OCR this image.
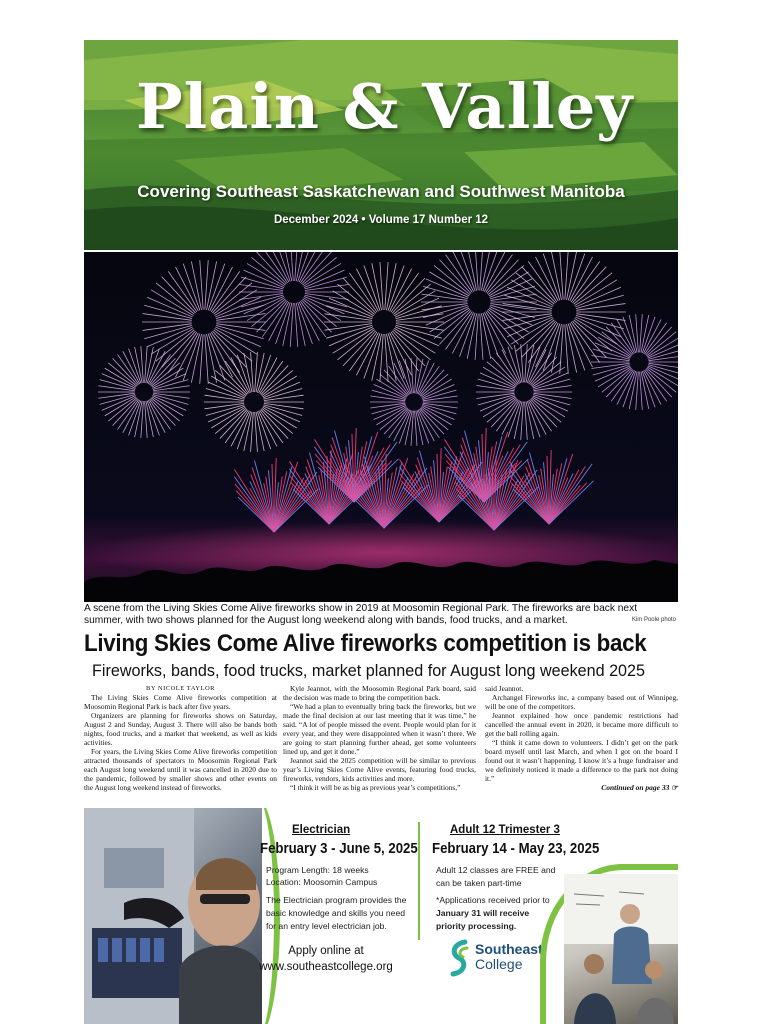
Plain & Valley
Covering Southeast Saskatchewan and Southwest Manitoba
December 2024 • Volume 17 Number 12
A scene from the Living Skies Come Alive fireworks show in 2019 at Moosomin Regional Park. The fireworks are back next summer, with two shows planned for the August long weekend along with bands, food trucks, and a market.	Kim Poole photo
Living Skies Come Alive fireworks competition is back
Fireworks, bands, food trucks, market planned for August long weekend 2025

BY NICOLE TAYLOR

The Living Skies Come Alive fireworks competition at Moosomin Regional Park is back after five years.

Organizers are planning for fireworks shows on Saturday, August 2 and Sunday, August 3. There will also be bands both nights, food trucks, and a market that weekend, as well as kids activities.

For years, the Living Skies Come Alive fireworks competition attracted thousands of spectators to Moosomin Regional Park each August long weekend until it was cancelled in 2020 due to the pandemic, followed by smaller shows and other events on the August long weekend instead of fireworks.

Kyle Jeannot, with the Moosomin Regional Park board, said the decision was made to bring the competition back.

“We had a plan to eventually bring back the fireworks, but we made the final decision at our last meeting that it was time,” he said. “A lot of people missed the event. People would plan for it every year, and they were disappointed when it wasn’t there. We are going to start planning further ahead, get some volunteers lined up, and get it done.”

Jeannot said the 2025 competition will be similar to previous year’s Living Skies Come Alive events, featuring food trucks, fireworks, vendors, kids activities and more.

“I think it will be as big as previous year’s competitions,”

said Jeannot.

Archangel Fireworks inc, a company based out of Winnipeg, will be one of the competitors.

Jeannot explained how once pandemic restrictions had cancelled the annual event in 2020, it became more difficult to get the ball rolling again.

“I think it came down to volunteers. I didn’t get on the park board myself until last March, and when I got on the board I found out it wasn’t happening. I know it’s a huge fundraiser and we definitely noticed it made a difference to the park not doing it.”

Continued on page 33 ☞
Electrician
February 3 - June 5, 2025
Program Length: 18 weeks
Location: Moosomin Campus
The Electrician program provides the basic knowledge and skills you need for an entry level electrician job.
Adult 12 Trimester 3
February 14 - May 23, 2025
Adult 12 classes are FREE and can be taken part-time
*Applications received prior to
January 31 will receive priority processing.
Apply online at
www.southeastcollege.org
Southeast
College
